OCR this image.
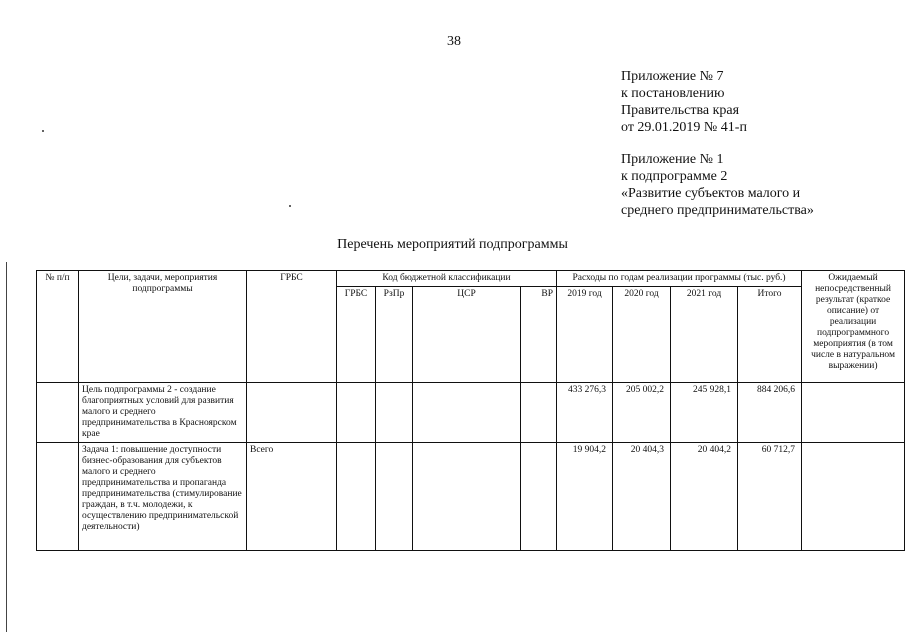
38
Приложение № 7
к постановлению
Правительства края
от 29.01.2019 № 41-п
Приложение № 1
к подпрограмме 2
«Развитие субъектов малого и
среднего предпринимательства»
Перечень мероприятий подпрограммы
№ п/п	Цели, задачи, мероприятия подпрограммы	ГРБС	Код бюджетной классификации				Расходы по годам реализации программы (тыс. руб.)				Ожидаемый непосредственный результат (краткое описание) от реализации подпрограммного мероприятия (в том числе в натуральном выражении)
			ГРБС	РзПр	ЦСР	ВР	2019 год	2020 год	2021 год	Итого	
	Цель подпрограммы 2 - создание благоприятных условий для развития малого и среднего предпринимательства в Красноярском крае						433 276,3	205 002,2	245 928,1	884 206,6	
	Задача 1: повышение доступности бизнес-образования для субъектов малого и среднего предпринимательства и пропаганда предпринимательства (стимулирование граждан, в т.ч. молодежи, к осуществлению предпринимательской деятельности)	Всего					19 904,2	20 404,3	20 404,2	60 712,7	
